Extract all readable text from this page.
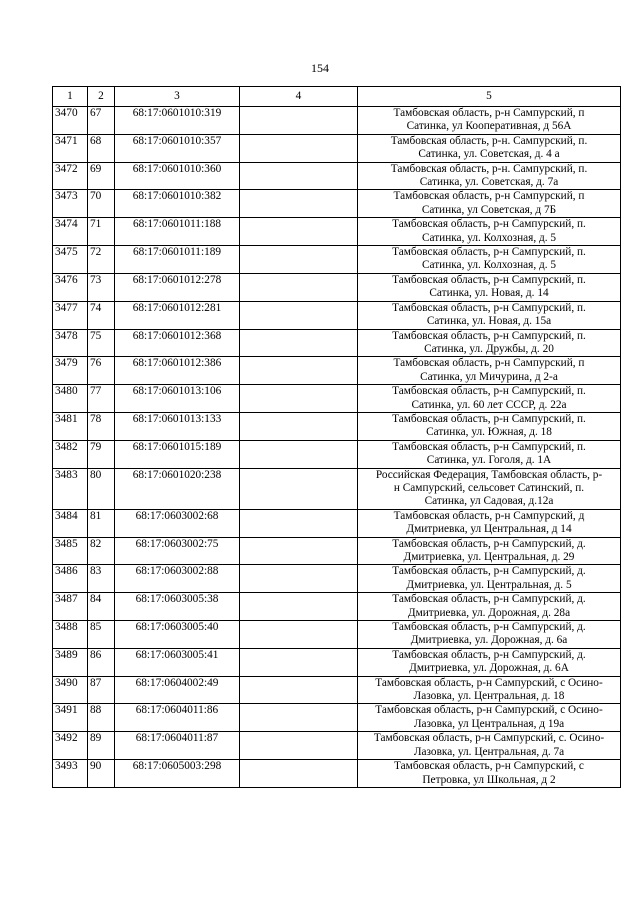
154
1	2	3	4	5
3470	67	68:17:0601010:319		Тамбовская область, р-н Сампурский, п
Сатинка, ул Кооперативная, д 56А
3471	68	68:17:0601010:357		Тамбовская область, р-н. Сампурский, п.
Сатинка, ул. Советская, д. 4 а
3472	69	68:17:0601010:360		Тамбовская область, р-н. Сампурский, п.
Сатинка, ул. Советская, д. 7а
3473	70	68:17:0601010:382		Тамбовская область, р-н Сампурский, п
Сатинка, ул Советская, д 7Б
3474	71	68:17:0601011:188		Тамбовская область, р-н Сампурский, п.
Сатинка, ул. Колхозная, д. 5
3475	72	68:17:0601011:189		Тамбовская область, р-н Сампурский, п.
Сатинка, ул. Колхозная, д. 5
3476	73	68:17:0601012:278		Тамбовская область, р-н Сампурский, п.
Сатинка, ул. Новая, д. 14
3477	74	68:17:0601012:281		Тамбовская область, р-н Сампурский, п.
Сатинка, ул. Новая, д. 15а
3478	75	68:17:0601012:368		Тамбовская область, р-н Сампурский, п.
Сатинка, ул. Дружбы, д. 20
3479	76	68:17:0601012:386		Тамбовская область, р-н Сампурский, п
Сатинка, ул Мичурина, д 2-а
3480	77	68:17:0601013:106		Тамбовская область, р-н Сампурский, п.
Сатинка, ул. 60 лет СССР, д. 22а
3481	78	68:17:0601013:133		Тамбовская область, р-н Сампурский, п.
Сатинка, ул. Южная, д. 18
3482	79	68:17:0601015:189		Тамбовская область, р-н Сампурский, п.
Сатинка, ул. Гоголя, д. 1А
3483	80	68:17:0601020:238		Российская Федерация, Тамбовская область, р-
н Сампурский, сельсовет Сатинский, п.
Сатинка, ул Садовая, д.12а
3484	81	68:17:0603002:68		Тамбовская область, р-н Сампурский, д
Дмитриевка, ул Центральная, д 14
3485	82	68:17:0603002:75		Тамбовская область, р-н Сампурский, д.
Дмитриевка, ул. Центральная, д. 29
3486	83	68:17:0603002:88		Тамбовская область, р-н Сампурский, д.
Дмитриевка, ул. Центральная, д. 5
3487	84	68:17:0603005:38		Тамбовская область, р-н Сампурский, д.
Дмитриевка, ул. Дорожная, д. 28а
3488	85	68:17:0603005:40		Тамбовская область, р-н Сампурский, д.
Дмитриевка, ул. Дорожная, д. 6а
3489	86	68:17:0603005:41		Тамбовская область, р-н Сампурский, д.
Дмитриевка, ул. Дорожная, д. 6А
3490	87	68:17:0604002:49		Тамбовская область, р-н Сампурский, с Осино-
Лазовка, ул. Центральная, д. 18
3491	88	68:17:0604011:86		Тамбовская область, р-н Сампурский, с Осино-
Лазовка, ул Центральная, д 19а
3492	89	68:17:0604011:87		Тамбовская область, р-н Сампурский, с. Осино-
Лазовка, ул. Центральная, д. 7а
3493	90	68:17:0605003:298		Тамбовская область, р-н Сампурский, с
Петровка, ул Школьная, д 2
